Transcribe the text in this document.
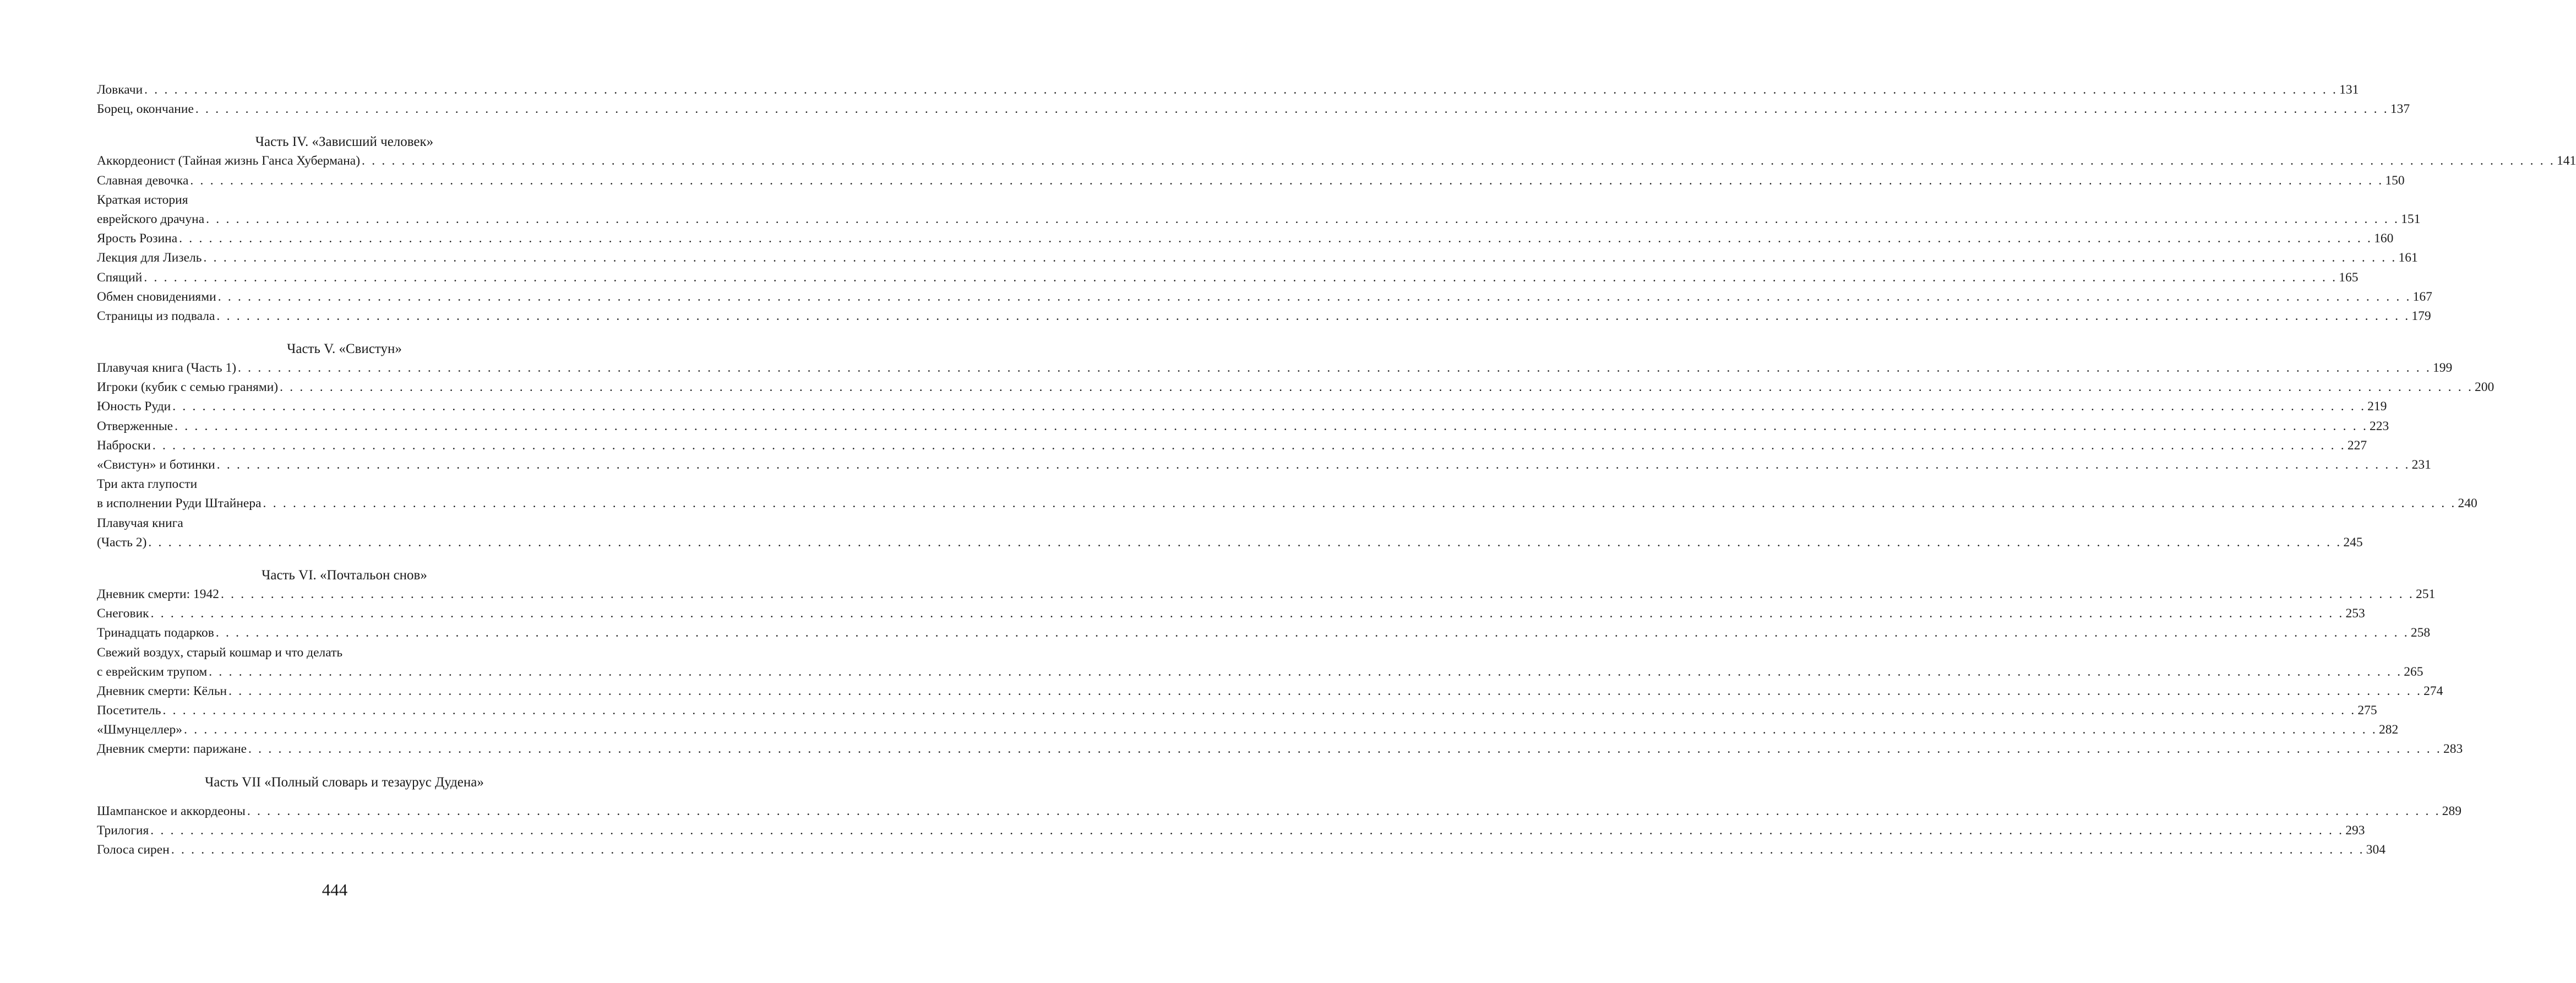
Ловкачи . . . . . . . . . . . . . . . . . . . . . . . . . . . . . . . . . . . . . . . . . . . . . . . . . . . . . . . . . . . . . . . . . . . . . . . . . . . . . . . . . . . . . . . . . . . . . . . . . . . . . . . . . . . . . . . . . . . . . . . . . . . . . . . . . . . . . . . . . . . . . . . . . . . . . . . . . . . . . . . . . . . . . . . . . . . . . . . . . . . . . . . . . . . . . . . . . . . . . . . . . . . . . . . . . . . . . . . . . . . . 131
Борец, окончание . . . . . . . . . . . . . . . . . . . . . . . . . . . . . . . . . . . . . . . . . . . . . . . . . . . . . . . . . . . . . . . . . . . . . . . . . . . . . . . . . . . . . . . . . . . . . . . . . . . . . . . . . . . . . . . . . . . . . . . . . . . . . . . . . . . . . . . . . . . . . . . . . . . . . . . . . . . . . . . . . . . . . . . . . . . . . . . . . . . . . . . . . . . . . . . . . . . . . . . . . . . . . . . . . . . . . . . . . . . . 137
Часть IV. «Зависший человек»
Аккордеонист (Тайная жизнь Ганса Хубермана) . . . . . . . . . . . . . . . . . . . . . . . . . . . . . . . . . . . . . . . . . . . . . . . . . . . . . . . . . . . . . . . . . . . . . . . . . . . . . . . . . . . . . . . . . . . . . . . . . . . . . . . . . . . . . . . . . . . . . . . . . . . . . . . . . . . . . . . . . . . . . . . . . . . . . . . . . . . . . . . . . . . . . . . . . . . . . . . . . . . . . . . . . . . . . . . . . . . . . . . . . . . . . . . . . . . . . . . . . . . . 141
Славная девочка . . . . . . . . . . . . . . . . . . . . . . . . . . . . . . . . . . . . . . . . . . . . . . . . . . . . . . . . . . . . . . . . . . . . . . . . . . . . . . . . . . . . . . . . . . . . . . . . . . . . . . . . . . . . . . . . . . . . . . . . . . . . . . . . . . . . . . . . . . . . . . . . . . . . . . . . . . . . . . . . . . . . . . . . . . . . . . . . . . . . . . . . . . . . . . . . . . . . . . . . . . . . . . . . . . . . . . . . . . . . 150
Краткая история
еврейского драчуна . . . . . . . . . . . . . . . . . . . . . . . . . . . . . . . . . . . . . . . . . . . . . . . . . . . . . . . . . . . . . . . . . . . . . . . . . . . . . . . . . . . . . . . . . . . . . . . . . . . . . . . . . . . . . . . . . . . . . . . . . . . . . . . . . . . . . . . . . . . . . . . . . . . . . . . . . . . . . . . . . . . . . . . . . . . . . . . . . . . . . . . . . . . . . . . . . . . . . . . . . . . . . . . . . . . . . . . . . . . . 151
Ярость Розина . . . . . . . . . . . . . . . . . . . . . . . . . . . . . . . . . . . . . . . . . . . . . . . . . . . . . . . . . . . . . . . . . . . . . . . . . . . . . . . . . . . . . . . . . . . . . . . . . . . . . . . . . . . . . . . . . . . . . . . . . . . . . . . . . . . . . . . . . . . . . . . . . . . . . . . . . . . . . . . . . . . . . . . . . . . . . . . . . . . . . . . . . . . . . . . . . . . . . . . . . . . . . . . . . . . . . . . . . . . . 160
Лекция для Лизель . . . . . . . . . . . . . . . . . . . . . . . . . . . . . . . . . . . . . . . . . . . . . . . . . . . . . . . . . . . . . . . . . . . . . . . . . . . . . . . . . . . . . . . . . . . . . . . . . . . . . . . . . . . . . . . . . . . . . . . . . . . . . . . . . . . . . . . . . . . . . . . . . . . . . . . . . . . . . . . . . . . . . . . . . . . . . . . . . . . . . . . . . . . . . . . . . . . . . . . . . . . . . . . . . . . . . . . . . . . . 161
Спящий . . . . . . . . . . . . . . . . . . . . . . . . . . . . . . . . . . . . . . . . . . . . . . . . . . . . . . . . . . . . . . . . . . . . . . . . . . . . . . . . . . . . . . . . . . . . . . . . . . . . . . . . . . . . . . . . . . . . . . . . . . . . . . . . . . . . . . . . . . . . . . . . . . . . . . . . . . . . . . . . . . . . . . . . . . . . . . . . . . . . . . . . . . . . . . . . . . . . . . . . . . . . . . . . . . . . . . . . . . . . 165
Обмен сновидениями . . . . . . . . . . . . . . . . . . . . . . . . . . . . . . . . . . . . . . . . . . . . . . . . . . . . . . . . . . . . . . . . . . . . . . . . . . . . . . . . . . . . . . . . . . . . . . . . . . . . . . . . . . . . . . . . . . . . . . . . . . . . . . . . . . . . . . . . . . . . . . . . . . . . . . . . . . . . . . . . . . . . . . . . . . . . . . . . . . . . . . . . . . . . . . . . . . . . . . . . . . . . . . . . . . . . . . . . . . . . 167
Страницы из подвала . . . . . . . . . . . . . . . . . . . . . . . . . . . . . . . . . . . . . . . . . . . . . . . . . . . . . . . . . . . . . . . . . . . . . . . . . . . . . . . . . . . . . . . . . . . . . . . . . . . . . . . . . . . . . . . . . . . . . . . . . . . . . . . . . . . . . . . . . . . . . . . . . . . . . . . . . . . . . . . . . . . . . . . . . . . . . . . . . . . . . . . . . . . . . . . . . . . . . . . . . . . . . . . . . . . . . . . . . . . . 179
Часть V. «Свистун»
Плавучая книга (Часть 1) . . . . . . . . . . . . . . . . . . . . . . . . . . . . . . . . . . . . . . . . . . . . . . . . . . . . . . . . . . . . . . . . . . . . . . . . . . . . . . . . . . . . . . . . . . . . . . . . . . . . . . . . . . . . . . . . . . . . . . . . . . . . . . . . . . . . . . . . . . . . . . . . . . . . . . . . . . . . . . . . . . . . . . . . . . . . . . . . . . . . . . . . . . . . . . . . . . . . . . . . . . . . . . . . . . . . . . . . . . . . 199
Игроки (кубик с семью гранями) . . . . . . . . . . . . . . . . . . . . . . . . . . . . . . . . . . . . . . . . . . . . . . . . . . . . . . . . . . . . . . . . . . . . . . . . . . . . . . . . . . . . . . . . . . . . . . . . . . . . . . . . . . . . . . . . . . . . . . . . . . . . . . . . . . . . . . . . . . . . . . . . . . . . . . . . . . . . . . . . . . . . . . . . . . . . . . . . . . . . . . . . . . . . . . . . . . . . . . . . . . . . . . . . . . . . . . . . . . . . 200
Юность Руди . . . . . . . . . . . . . . . . . . . . . . . . . . . . . . . . . . . . . . . . . . . . . . . . . . . . . . . . . . . . . . . . . . . . . . . . . . . . . . . . . . . . . . . . . . . . . . . . . . . . . . . . . . . . . . . . . . . . . . . . . . . . . . . . . . . . . . . . . . . . . . . . . . . . . . . . . . . . . . . . . . . . . . . . . . . . . . . . . . . . . . . . . . . . . . . . . . . . . . . . . . . . . . . . . . . . . . . . . . . . 219
Отверженные . . . . . . . . . . . . . . . . . . . . . . . . . . . . . . . . . . . . . . . . . . . . . . . . . . . . . . . . . . . . . . . . . . . . . . . . . . . . . . . . . . . . . . . . . . . . . . . . . . . . . . . . . . . . . . . . . . . . . . . . . . . . . . . . . . . . . . . . . . . . . . . . . . . . . . . . . . . . . . . . . . . . . . . . . . . . . . . . . . . . . . . . . . . . . . . . . . . . . . . . . . . . . . . . . . . . . . . . . . . . 223
Наброски . . . . . . . . . . . . . . . . . . . . . . . . . . . . . . . . . . . . . . . . . . . . . . . . . . . . . . . . . . . . . . . . . . . . . . . . . . . . . . . . . . . . . . . . . . . . . . . . . . . . . . . . . . . . . . . . . . . . . . . . . . . . . . . . . . . . . . . . . . . . . . . . . . . . . . . . . . . . . . . . . . . . . . . . . . . . . . . . . . . . . . . . . . . . . . . . . . . . . . . . . . . . . . . . . . . . . . . . . . . . 227
«Свистун» и ботинки . . . . . . . . . . . . . . . . . . . . . . . . . . . . . . . . . . . . . . . . . . . . . . . . . . . . . . . . . . . . . . . . . . . . . . . . . . . . . . . . . . . . . . . . . . . . . . . . . . . . . . . . . . . . . . . . . . . . . . . . . . . . . . . . . . . . . . . . . . . . . . . . . . . . . . . . . . . . . . . . . . . . . . . . . . . . . . . . . . . . . . . . . . . . . . . . . . . . . . . . . . . . . . . . . . . . . . . . . . . . 231
Три акта глупости
в исполнении Руди Штайнера . . . . . . . . . . . . . . . . . . . . . . . . . . . . . . . . . . . . . . . . . . . . . . . . . . . . . . . . . . . . . . . . . . . . . . . . . . . . . . . . . . . . . . . . . . . . . . . . . . . . . . . . . . . . . . . . . . . . . . . . . . . . . . . . . . . . . . . . . . . . . . . . . . . . . . . . . . . . . . . . . . . . . . . . . . . . . . . . . . . . . . . . . . . . . . . . . . . . . . . . . . . . . . . . . . . . . . . . . . . . 240
Плавучая книга
(Часть 2) . . . . . . . . . . . . . . . . . . . . . . . . . . . . . . . . . . . . . . . . . . . . . . . . . . . . . . . . . . . . . . . . . . . . . . . . . . . . . . . . . . . . . . . . . . . . . . . . . . . . . . . . . . . . . . . . . . . . . . . . . . . . . . . . . . . . . . . . . . . . . . . . . . . . . . . . . . . . . . . . . . . . . . . . . . . . . . . . . . . . . . . . . . . . . . . . . . . . . . . . . . . . . . . . . . . . . . . . . . . . 245
Часть VI. «Почтальон снов»
Дневник смерти: 1942 . . . . . . . . . . . . . . . . . . . . . . . . . . . . . . . . . . . . . . . . . . . . . . . . . . . . . . . . . . . . . . . . . . . . . . . . . . . . . . . . . . . . . . . . . . . . . . . . . . . . . . . . . . . . . . . . . . . . . . . . . . . . . . . . . . . . . . . . . . . . . . . . . . . . . . . . . . . . . . . . . . . . . . . . . . . . . . . . . . . . . . . . . . . . . . . . . . . . . . . . . . . . . . . . . . . . . . . . . . . . 251
Снеговик . . . . . . . . . . . . . . . . . . . . . . . . . . . . . . . . . . . . . . . . . . . . . . . . . . . . . . . . . . . . . . . . . . . . . . . . . . . . . . . . . . . . . . . . . . . . . . . . . . . . . . . . . . . . . . . . . . . . . . . . . . . . . . . . . . . . . . . . . . . . . . . . . . . . . . . . . . . . . . . . . . . . . . . . . . . . . . . . . . . . . . . . . . . . . . . . . . . . . . . . . . . . . . . . . . . . . . . . . . . . 253
Тринадцать подарков . . . . . . . . . . . . . . . . . . . . . . . . . . . . . . . . . . . . . . . . . . . . . . . . . . . . . . . . . . . . . . . . . . . . . . . . . . . . . . . . . . . . . . . . . . . . . . . . . . . . . . . . . . . . . . . . . . . . . . . . . . . . . . . . . . . . . . . . . . . . . . . . . . . . . . . . . . . . . . . . . . . . . . . . . . . . . . . . . . . . . . . . . . . . . . . . . . . . . . . . . . . . . . . . . . . . . . . . . . . . 258
Свежий воздух, старый кошмар и что делать
с еврейским трупом . . . . . . . . . . . . . . . . . . . . . . . . . . . . . . . . . . . . . . . . . . . . . . . . . . . . . . . . . . . . . . . . . . . . . . . . . . . . . . . . . . . . . . . . . . . . . . . . . . . . . . . . . . . . . . . . . . . . . . . . . . . . . . . . . . . . . . . . . . . . . . . . . . . . . . . . . . . . . . . . . . . . . . . . . . . . . . . . . . . . . . . . . . . . . . . . . . . . . . . . . . . . . . . . . . . . . . . . . . . . 265
Дневник смерти: Кёльн . . . . . . . . . . . . . . . . . . . . . . . . . . . . . . . . . . . . . . . . . . . . . . . . . . . . . . . . . . . . . . . . . . . . . . . . . . . . . . . . . . . . . . . . . . . . . . . . . . . . . . . . . . . . . . . . . . . . . . . . . . . . . . . . . . . . . . . . . . . . . . . . . . . . . . . . . . . . . . . . . . . . . . . . . . . . . . . . . . . . . . . . . . . . . . . . . . . . . . . . . . . . . . . . . . . . . . . . . . . . 274
Посетитель . . . . . . . . . . . . . . . . . . . . . . . . . . . . . . . . . . . . . . . . . . . . . . . . . . . . . . . . . . . . . . . . . . . . . . . . . . . . . . . . . . . . . . . . . . . . . . . . . . . . . . . . . . . . . . . . . . . . . . . . . . . . . . . . . . . . . . . . . . . . . . . . . . . . . . . . . . . . . . . . . . . . . . . . . . . . . . . . . . . . . . . . . . . . . . . . . . . . . . . . . . . . . . . . . . . . . . . . . . . . 275
«Шмунцеллер» . . . . . . . . . . . . . . . . . . . . . . . . . . . . . . . . . . . . . . . . . . . . . . . . . . . . . . . . . . . . . . . . . . . . . . . . . . . . . . . . . . . . . . . . . . . . . . . . . . . . . . . . . . . . . . . . . . . . . . . . . . . . . . . . . . . . . . . . . . . . . . . . . . . . . . . . . . . . . . . . . . . . . . . . . . . . . . . . . . . . . . . . . . . . . . . . . . . . . . . . . . . . . . . . . . . . . . . . . . . . 282
Дневник смерти: парижане . . . . . . . . . . . . . . . . . . . . . . . . . . . . . . . . . . . . . . . . . . . . . . . . . . . . . . . . . . . . . . . . . . . . . . . . . . . . . . . . . . . . . . . . . . . . . . . . . . . . . . . . . . . . . . . . . . . . . . . . . . . . . . . . . . . . . . . . . . . . . . . . . . . . . . . . . . . . . . . . . . . . . . . . . . . . . . . . . . . . . . . . . . . . . . . . . . . . . . . . . . . . . . . . . . . . . . . . . . . . 283
Часть VII «Полный словарь и тезаурус Дудена»
Шампанское и аккордеоны . . . . . . . . . . . . . . . . . . . . . . . . . . . . . . . . . . . . . . . . . . . . . . . . . . . . . . . . . . . . . . . . . . . . . . . . . . . . . . . . . . . . . . . . . . . . . . . . . . . . . . . . . . . . . . . . . . . . . . . . . . . . . . . . . . . . . . . . . . . . . . . . . . . . . . . . . . . . . . . . . . . . . . . . . . . . . . . . . . . . . . . . . . . . . . . . . . . . . . . . . . . . . . . . . . . . . . . . . . . . 289
Трилогия . . . . . . . . . . . . . . . . . . . . . . . . . . . . . . . . . . . . . . . . . . . . . . . . . . . . . . . . . . . . . . . . . . . . . . . . . . . . . . . . . . . . . . . . . . . . . . . . . . . . . . . . . . . . . . . . . . . . . . . . . . . . . . . . . . . . . . . . . . . . . . . . . . . . . . . . . . . . . . . . . . . . . . . . . . . . . . . . . . . . . . . . . . . . . . . . . . . . . . . . . . . . . . . . . . . . . . . . . . . . 293
Голоса сирен . . . . . . . . . . . . . . . . . . . . . . . . . . . . . . . . . . . . . . . . . . . . . . . . . . . . . . . . . . . . . . . . . . . . . . . . . . . . . . . . . . . . . . . . . . . . . . . . . . . . . . . . . . . . . . . . . . . . . . . . . . . . . . . . . . . . . . . . . . . . . . . . . . . . . . . . . . . . . . . . . . . . . . . . . . . . . . . . . . . . . . . . . . . . . . . . . . . . . . . . . . . . . . . . . . . . . . . . . . . . 304
444
